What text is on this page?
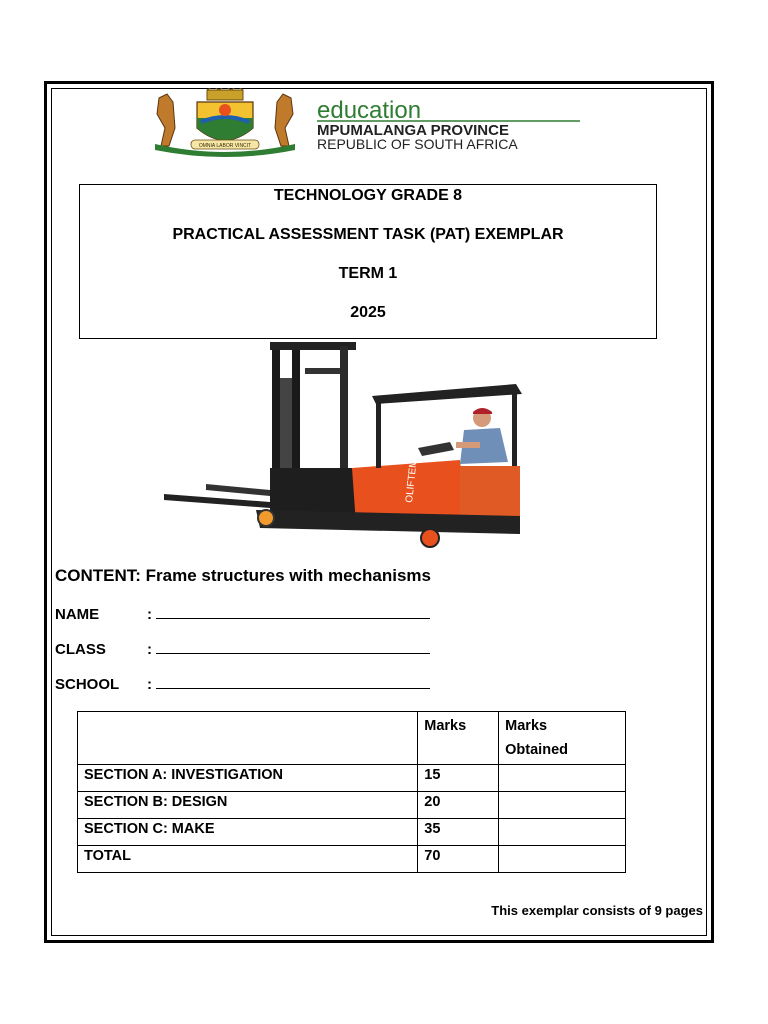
OMNIA LABOR VINCIT
education
MPUMALANGA PROVINCE
REPUBLIC OF SOUTH AFRICA
TECHNOLOGY GRADE 8
PRACTICAL ASSESSMENT TASK (PAT) EXEMPLAR
TERM 1
2025
OLIFTEM
CONTENT: Frame structures with mechanisms
NAME	:
CLASS	:
SCHOOL :
	Marks	Marks
Obtained
SECTION A: INVESTIGATION	15	
SECTION B: DESIGN	20	
SECTION C: MAKE	35	
TOTAL	70	
This exemplar consists of 9 pages
